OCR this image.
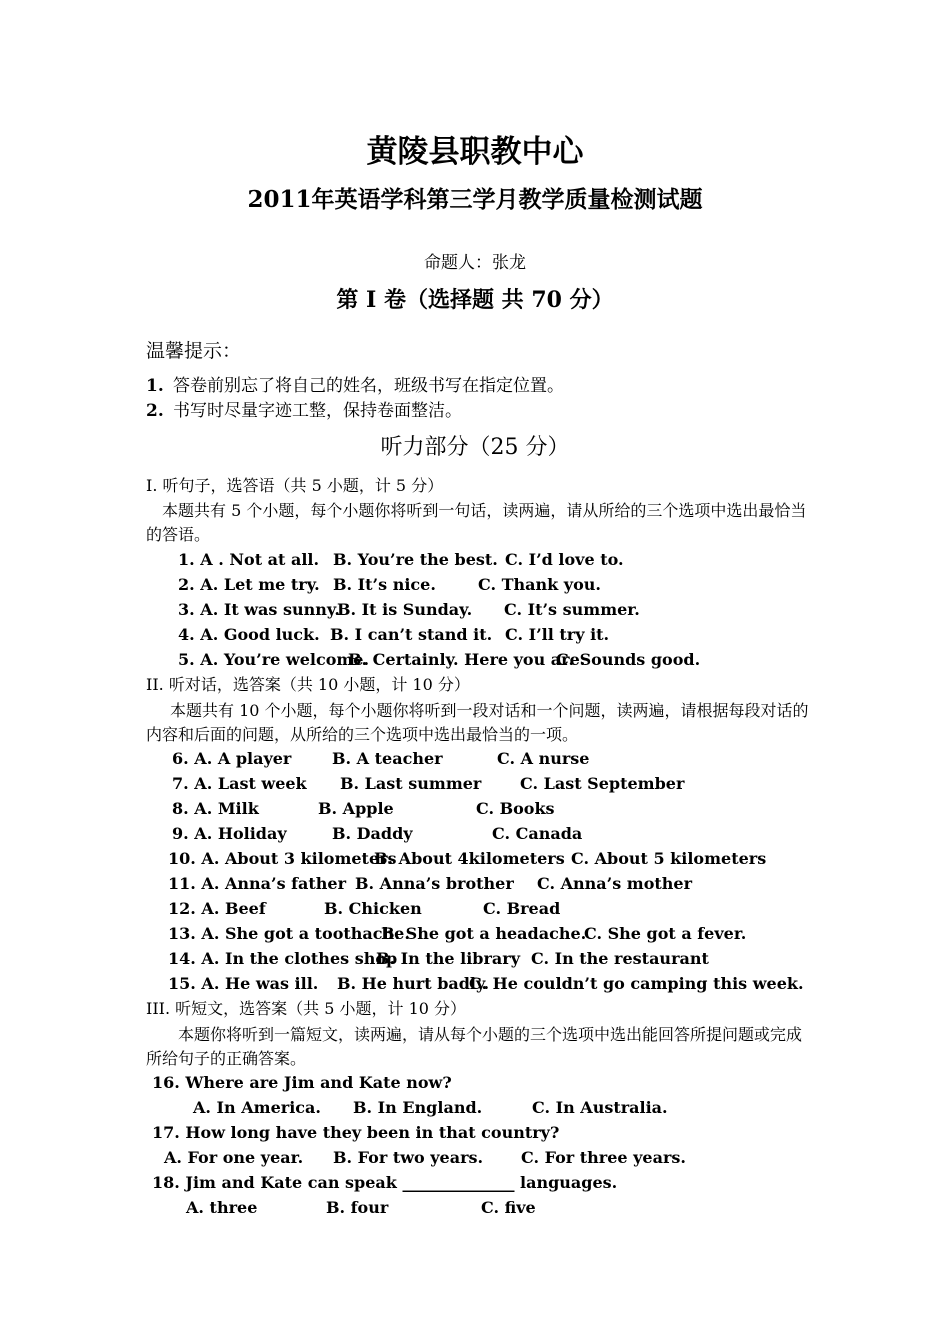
黄陵县职教中心
2011年英语学科第三学月教学质量检测试题
命题人：张龙
第 I 卷（选择题 共 70 分）
温馨提示：
1. 答卷前别忘了将自己的姓名，班级书写在指定位置。
2. 书写时尽量字迹工整，保持卷面整洁。
听力部分（25 分）
I. 听句子，选答语（共 5 小题，计 5 分）
本题共有 5 个小题，每个小题你将听到一句话，读两遍，请从所给的三个选项中选出最恰当的答语。
1. A . Not at all. B. You’re the best. C. I’d love to.
2. A. Let me try. B. It’s nice.	C. Thank you.
3. A. It was sunny.
B. It is Sunday. C. It’s summer.
4. A. Good luck. B. I can’t stand it. C. I’ll try it.
5. A. You’re welcome.
B. Certainly. Here you are.
C. Sounds good.
II. 听对话，选答案（共 10 小题，计 10 分）
本题共有 10 个小题，每个小题你将听到一段对话和一个问题，读两遍，请根据每段对话的内容和后面的问题，从所给的三个选项中选出最恰当的一项。
6. A. A player	B. A teacher	C. A nurse
7. A. Last week B. Last summer C. Last September
8. A. Milk	B. Apple	C. Books
9. A. Holiday	B. Daddy	C. Canada
10. A. About 3 kilometers
B. About 4kilometers C. About 5 kilometers
11. A. Anna’s father B. Anna’s brother C. Anna’s mother
12. A. Beef	B. Chicken	C. Bread
13. A. She got a toothache.
B. She got a headache.
C. She got a fever.
14. A. In the clothes shop
B. In the library C. In the restaurant
15. A. He was ill. B. He hurt badly.
C. He couldn’t go camping this week.
III. 听短文，选答案（共 5 小题，计 10 分）
本题你将听到一篇短文，读两遍，请从每个小题的三个选项中选出能回答所提问题或完成所给句子的正确答案。
16. Where are Jim and Kate now?
A. In America. B. In England.	C. In Australia.
17. How long have they been in that country?
A. For one year. B. For two years. C. For three years.
18. Jim and Kate can speak ______________ languages.
A. three	B. four	C. five
